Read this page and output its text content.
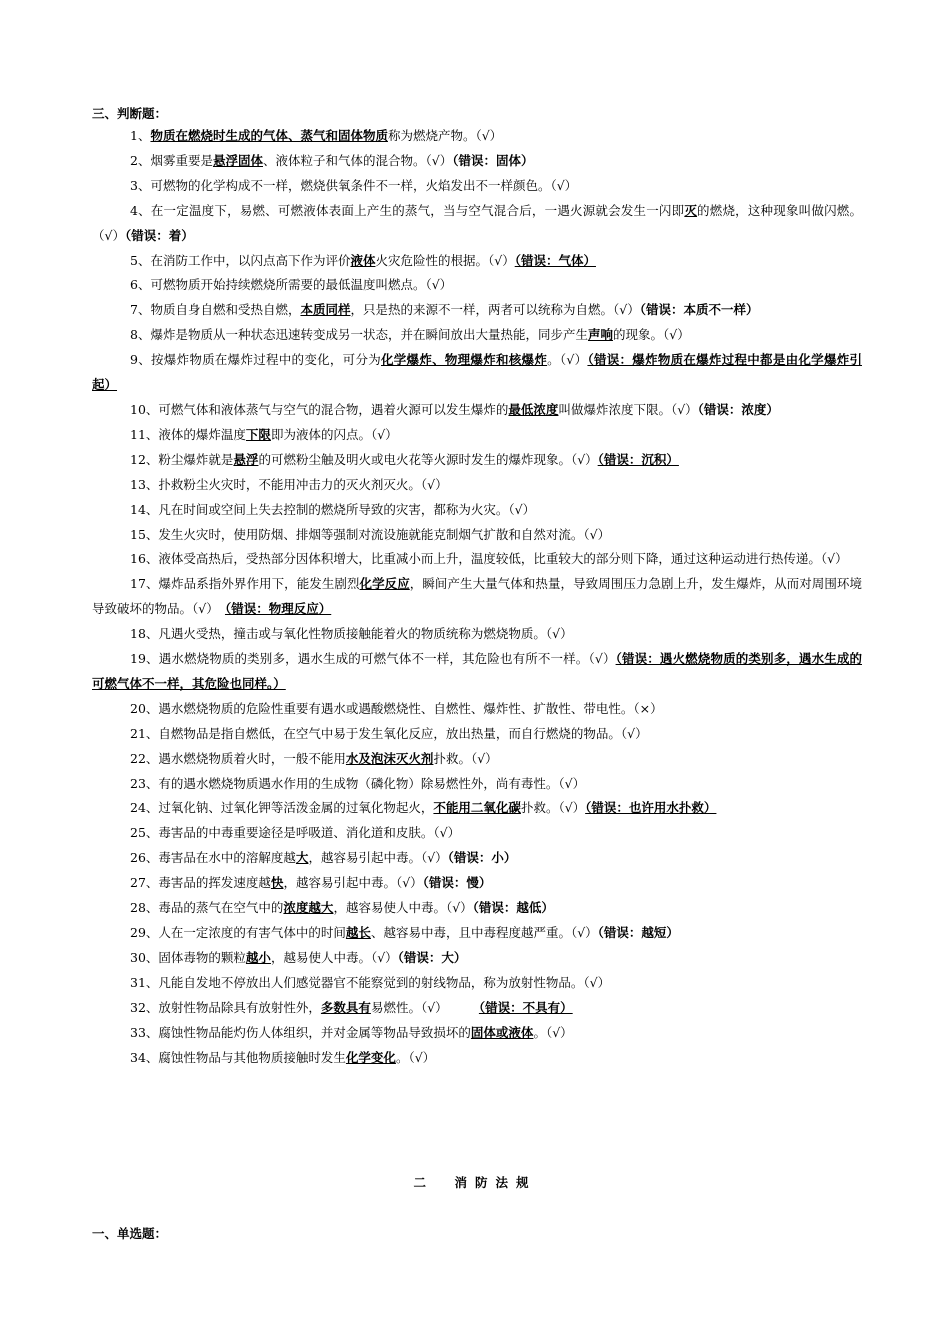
三、判断题：

1、物质在燃烧时生成的气体、蒸气和固体物质称为燃烧产物。（√）

2、烟雾重要是悬浮固体、液体粒子和气体的混合物。（√）（错误：固体）

3、可燃物的化学构成不一样，燃烧供氧条件不一样，火焰发出不一样颜色。（√）

4、在一定温度下，易燃、可燃液体表面上产生的蒸气，当与空气混合后，一遇火源就会发生一闪即灭的燃烧，这种现象叫做闪燃。（√）（错误：着）

5、在消防工作中，以闪点高下作为评价液体火灾危险性的根据。（√）（错误：气体）

6、可燃物质开始持续燃烧所需要的最低温度叫燃点。（√）

7、物质自身自燃和受热自燃，本质同样，只是热的来源不一样，两者可以统称为自燃。（√）（错误：本质不一样）

8、爆炸是物质从一种状态迅速转变成另一状态，并在瞬间放出大量热能，同步产生声响的现象。（√）

9、按爆炸物质在爆炸过程中的变化，可分为化学爆炸、物理爆炸和核爆炸。（√）（错误：爆炸物质在爆炸过程中都是由化学爆炸引起）

10、可燃气体和液体蒸气与空气的混合物，遇着火源可以发生爆炸的最低浓度叫做爆炸浓度下限。（√）（错误：浓度）

11、液体的爆炸温度下限即为液体的闪点。（√）

12、粉尘爆炸就是悬浮的可燃粉尘触及明火或电火花等火源时发生的爆炸现象。（√）（错误：沉积）

13、扑救粉尘火灾时，不能用冲击力的灭火剂灭火。（√）

14、凡在时间或空间上失去控制的燃烧所导致的灾害，都称为火灾。（√）

15、发生火灾时，使用防烟、排烟等强制对流设施就能克制烟气扩散和自然对流。（√）

16、液体受高热后，受热部分因体积增大，比重减小而上升，温度较低，比重较大的部分则下降，通过这种运动进行热传递。（√）

17、爆炸品系指外界作用下，能发生剧烈化学反应，瞬间产生大量气体和热量，导致周围压力急剧上升，发生爆炸，从而对周围环境导致破坏的物品。（√）　（错误：物理反应）

18、凡遇火受热，撞击或与氧化性物质接触能着火的物质统称为燃烧物质。（√）

19、遇水燃烧物质的类别多，遇水生成的可燃气体不一样，其危险也有所不一样。（√）（错误：遇火燃烧物质的类别多，遇水生成的可燃气体不一样，其危险也同样。）

20、遇水燃烧物质的危险性重要有遇水或遇酸燃烧性、自燃性、爆炸性、扩散性、带电性。（×）

21、自燃物品是指自燃低，在空气中易于发生氧化反应，放出热量，而自行燃烧的物品。（√）

22、遇水燃烧物质着火时，一般不能用水及泡沫灭火剂扑救。（√）

23、有的遇水燃烧物质遇水作用的生成物（磷化物）除易燃性外，尚有毒性。（√）

24、过氧化钠、过氧化钾等活泼金属的过氧化物起火，不能用二氧化碳扑救。（√）（错误：也许用水扑救）

25、毒害品的中毒重要途径是呼吸道、消化道和皮肤。（√）

26、毒害品在水中的溶解度越大，越容易引起中毒。（√）（错误：小）

27、毒害品的挥发速度越快，越容易引起中毒。（√）（错误：慢）

28、毒品的蒸气在空气中的浓度越大，越容易使人中毒。（√）（错误：越低）

29、人在一定浓度的有害气体中的时间越长、越容易中毒，且中毒程度越严重。（√）（错误：越短）

30、固体毒物的颗粒越小，越易使人中毒。（√）（错误：大）

31、凡能自发地不停放出人们感觉器官不能察觉到的射线物品，称为放射性物品。（√）

32、放射性物品除具有放射性外，多数具有易燃性。（√）　　　（错误：不具有）

33、腐蚀性物品能灼伤人体组织，并对金属等物品导致损坏的固体或液体。（√）

34、腐蚀性物品与其他物质接触时发生化学变化。（√）

二　消防法规
一、单选题：
